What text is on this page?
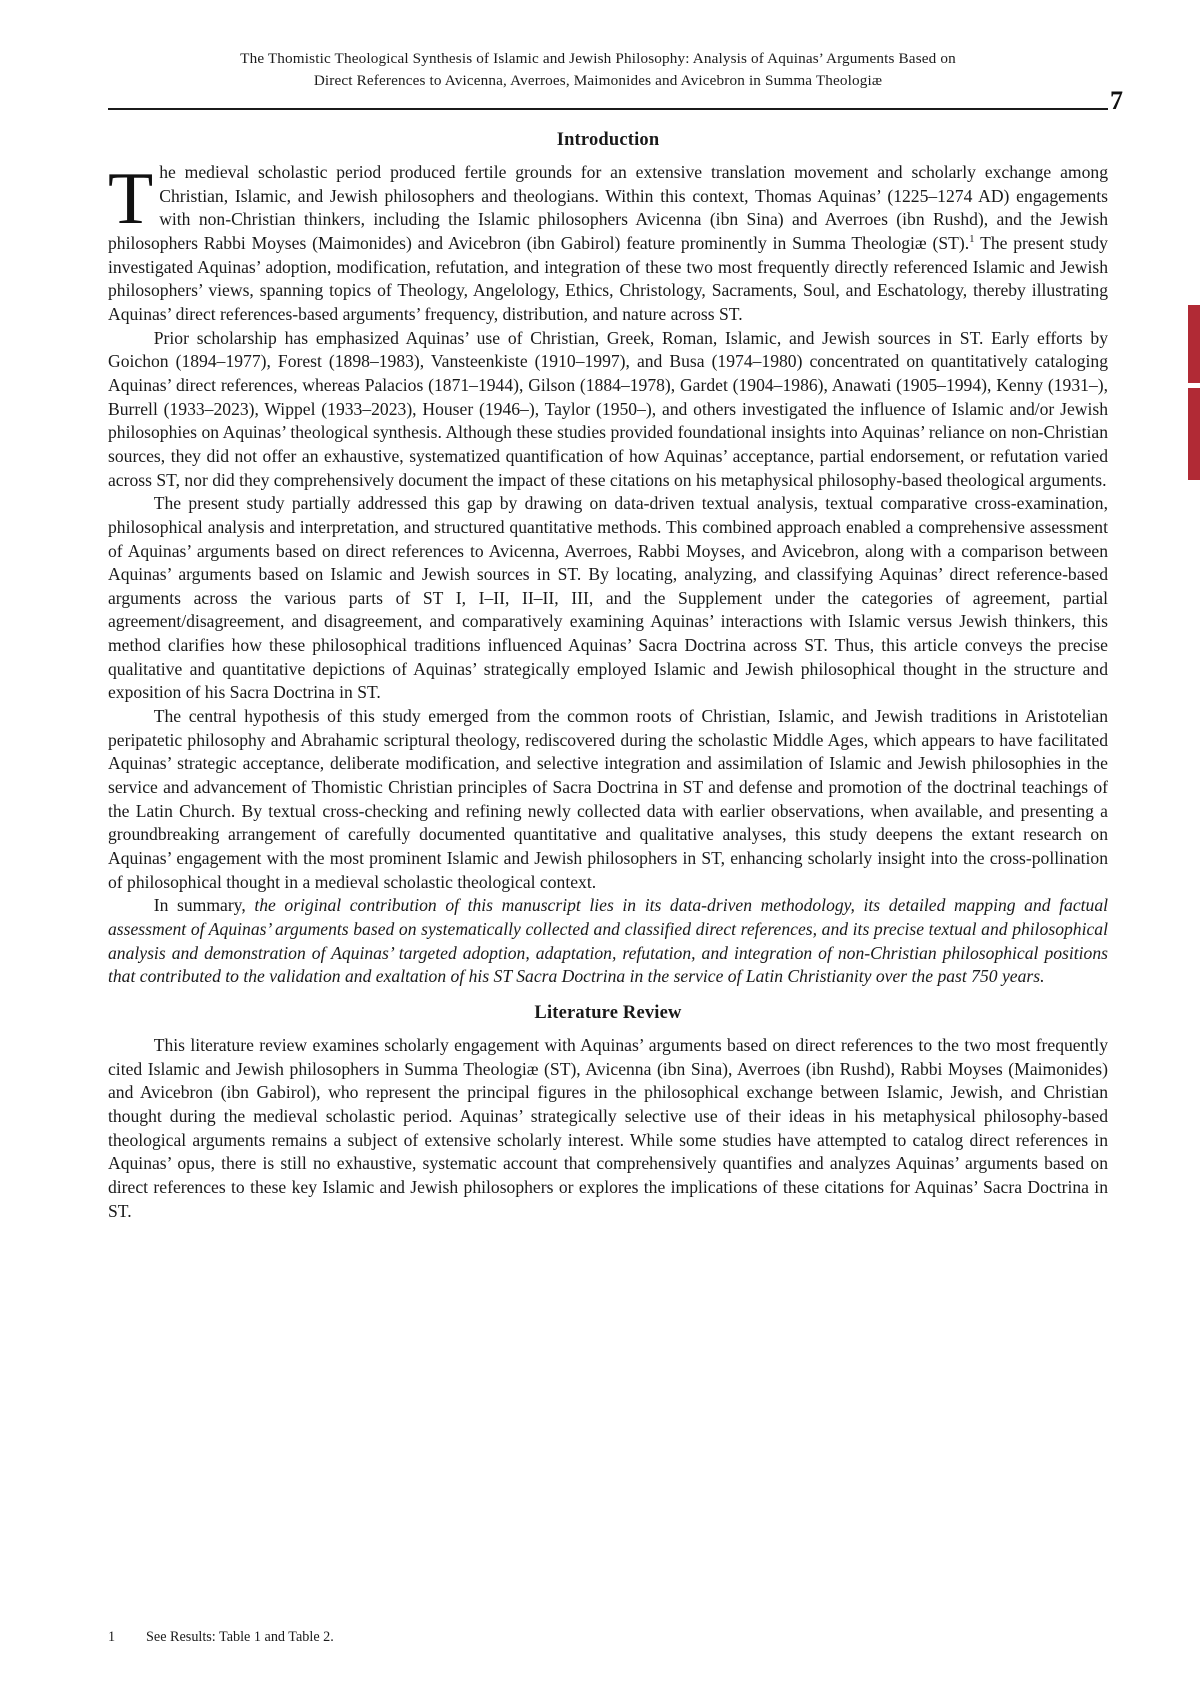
The Thomistic Theological Synthesis of Islamic and Jewish Philosophy: Analysis of Aquinas’ Arguments Based on
Direct References to Avicenna, Averroes, Maimonides and Avicebron in Summa Theologiæ
7
Introduction
T he medieval scholastic period produced fertile grounds for an extensive translation movement and scholarly exchange among Christian, Islamic, and Jewish philosophers and theologians. Within this context, Thomas Aquinas’ (1225–1274 AD) engagements with non-Christian thinkers, including the Islamic philosophers Avicenna (ibn Sina) and Averroes (ibn Rushd), and the Jewish philosophers Rabbi Moyses (Maimonides) and Avicebron (ibn Gabirol) feature prominently in Summa Theologiæ (ST).$^1$ The present study investigated Aquinas’ adoption, modification, refutation, and integration of these two most frequently directly referenced Islamic and Jewish philosophers’ views, spanning topics of Theology, Angelology, Ethics, Christology, Sacraments, Soul, and Eschatology, thereby illustrating Aquinas’ direct references-based arguments’ frequency, distribution, and nature across ST.

Prior scholarship has emphasized Aquinas’ use of Christian, Greek, Roman, Islamic, and Jewish sources in ST. Early efforts by Goichon (1894–1977), Forest (1898–1983), Vansteenkiste (1910–1997), and Busa (1974–1980) concentrated on quantitatively cataloging Aquinas’ direct references, whereas Palacios (1871–1944), Gilson (1884–1978), Gardet (1904–1986), Anawati (1905–1994), Kenny (1931–), Burrell (1933–2023), Wippel (1933–2023), Houser (1946–), Taylor (1950–), and others investigated the influence of Islamic and/or Jewish philosophies on Aquinas’ theological synthesis. Although these studies provided foundational insights into Aquinas’ reliance on non-Christian sources, they did not offer an exhaustive, systematized quantification of how Aquinas’ acceptance, partial endorsement, or refutation varied across ST, nor did they comprehensively document the impact of these citations on his metaphysical philosophy-based theological arguments.

The present study partially addressed this gap by drawing on data-driven textual analysis, textual comparative cross-examination, philosophical analysis and interpretation, and structured quantitative methods. This combined approach enabled a comprehensive assessment of Aquinas’ arguments based on direct references to Avicenna, Averroes, Rabbi Moyses, and Avicebron, along with a comparison between Aquinas’ arguments based on Islamic and Jewish sources in ST. By locating, analyzing, and classifying Aquinas’ direct reference-based arguments across the various parts of ST I, I–II, II–II, III, and the Supplement under the categories of agreement, partial agreement/disagreement, and disagreement, and comparatively examining Aquinas’ interactions with Islamic versus Jewish thinkers, this method clarifies how these philosophical traditions influenced Aquinas’ Sacra Doctrina across ST. Thus, this article conveys the precise qualitative and quantitative depictions of Aquinas’ strategically employed Islamic and Jewish philosophical thought in the structure and exposition of his Sacra Doctrina in ST.

The central hypothesis of this study emerged from the common roots of Christian, Islamic, and Jewish traditions in Aristotelian peripatetic philosophy and Abrahamic scriptural theology, rediscovered during the scholastic Middle Ages, which appears to have facilitated Aquinas’ strategic acceptance, deliberate modification, and selective integration and assimilation of Islamic and Jewish philosophies in the service and advancement of Thomistic Christian principles of Sacra Doctrina in ST and defense and promotion of the doctrinal teachings of the Latin Church. By textual cross-checking and refining newly collected data with earlier observations, when available, and presenting a groundbreaking arrangement of carefully documented quantitative and qualitative analyses, this study deepens the extant research on Aquinas’ engagement with the most prominent Islamic and Jewish philosophers in ST, enhancing scholarly insight into the cross-pollination of philosophical thought in a medieval scholastic theological context.

In summary, the original contribution of this manuscript lies in its data-driven methodology, its detailed mapping and factual assessment of Aquinas’ arguments based on systematically collected and classified direct references, and its precise textual and philosophical analysis and demonstration of Aquinas’ targeted adoption, adaptation, refutation, and integration of non-Christian philosophical positions that contributed to the validation and exaltation of his ST Sacra Doctrina in the service of Latin Christianity over the past 750 years.

Literature Review

This literature review examines scholarly engagement with Aquinas’ arguments based on direct references to the two most frequently cited Islamic and Jewish philosophers in Summa Theologiæ (ST), Avicenna (ibn Sina), Averroes (ibn Rushd), Rabbi Moyses (Maimonides) and Avicebron (ibn Gabirol), who represent the principal figures in the philosophical exchange between Islamic, Jewish, and Christian thought during the medieval scholastic period. Aquinas’ strategically selective use of their ideas in his metaphysical philosophy-based theological arguments remains a subject of extensive scholarly interest. While some studies have attempted to catalog direct references in Aquinas’ opus, there is still no exhaustive, systematic account that comprehensively quantifies and analyzes Aquinas’ arguments based on direct references to these key Islamic and Jewish philosophers or explores the implications of these citations for Aquinas’ Sacra Doctrina in ST.

1 See Results: Table 1 and Table 2.
